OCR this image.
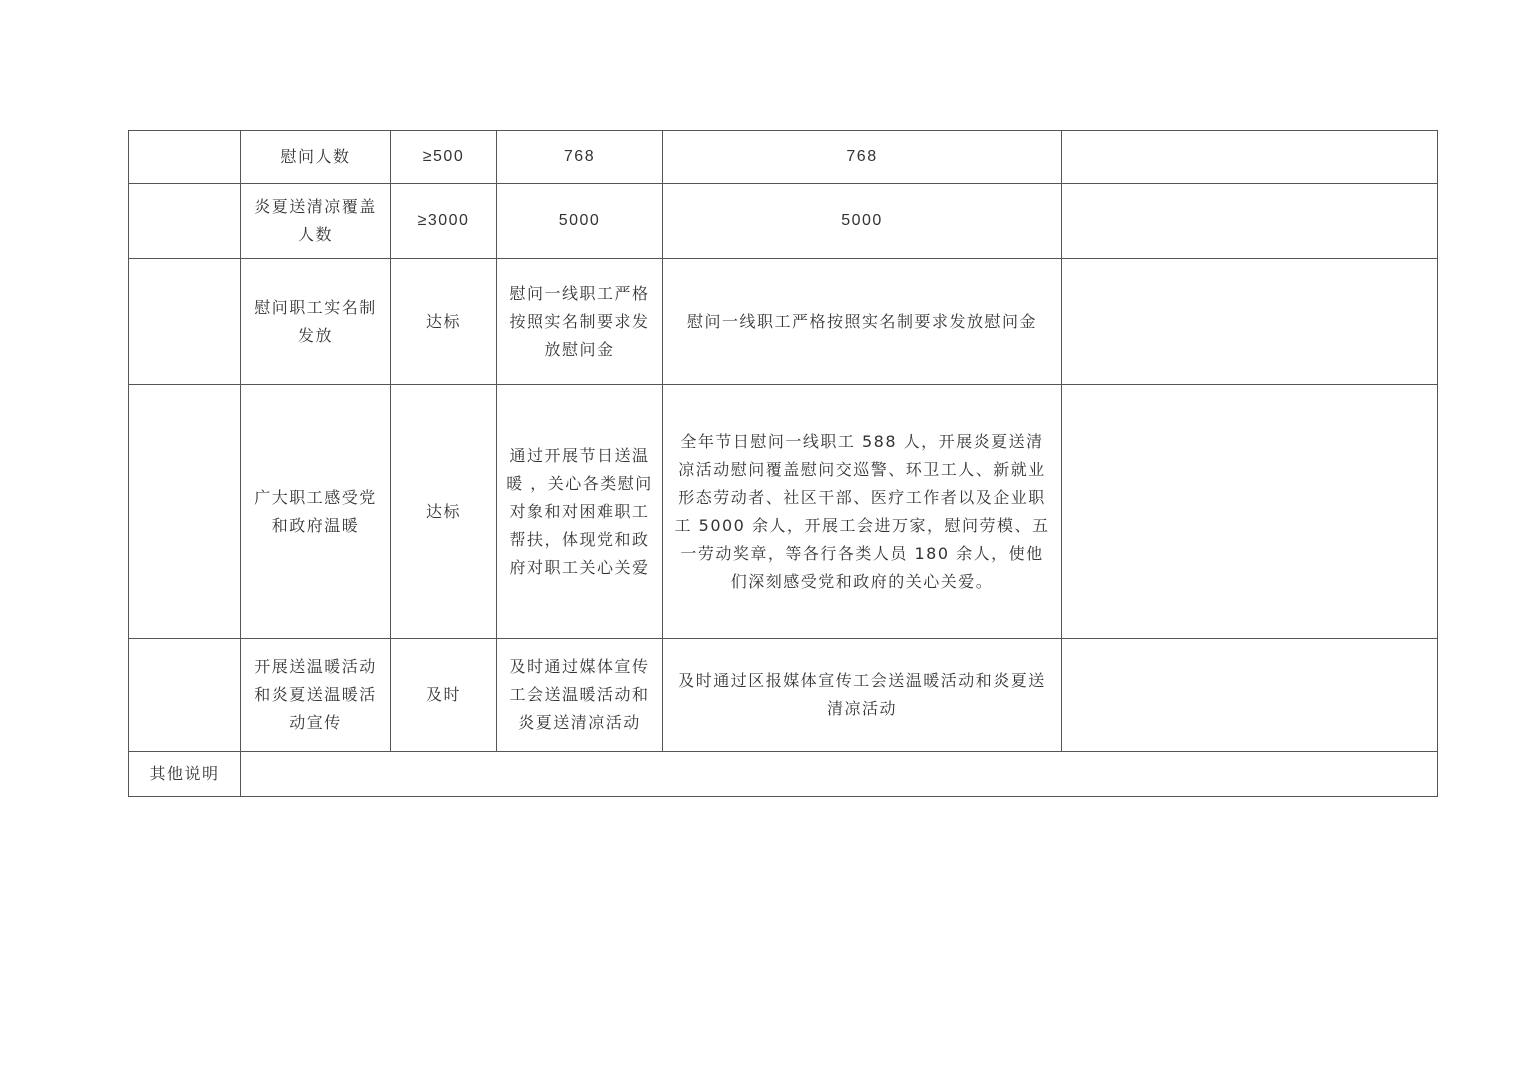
	慰问人数	≥500	768	768	
	炎夏送清凉覆盖人数	≥3000	5000	5000	
	慰问职工实名制发放	达标	慰问一线职工严格按照实名制要求发放慰问金	慰问一线职工严格按照实名制要求发放慰问金	
	广大职工感受党和政府温暖	达标	通过开展节日送温暖 ，关心各类慰问对象和对困难职工帮扶，体现党和政府对职工关心关爱	全年节日慰问一线职工 588 人，开展炎夏送清凉活动慰问覆盖慰问交巡警、环卫工人、新就业形态劳动者、社区干部、医疗工作者以及企业职工 5000 余人，开展工会进万家，慰问劳模、五一劳动奖章，等各行各类人员 180 余人，使他们深刻感受党和政府的关心关爱。	
	开展送温暖活动和炎夏送温暖活动宣传	及时	及时通过媒体宣传工会送温暖活动和炎夏送清凉活动	及时通过区报媒体宣传工会送温暖活动和炎夏送清凉活动	
其他说明					
